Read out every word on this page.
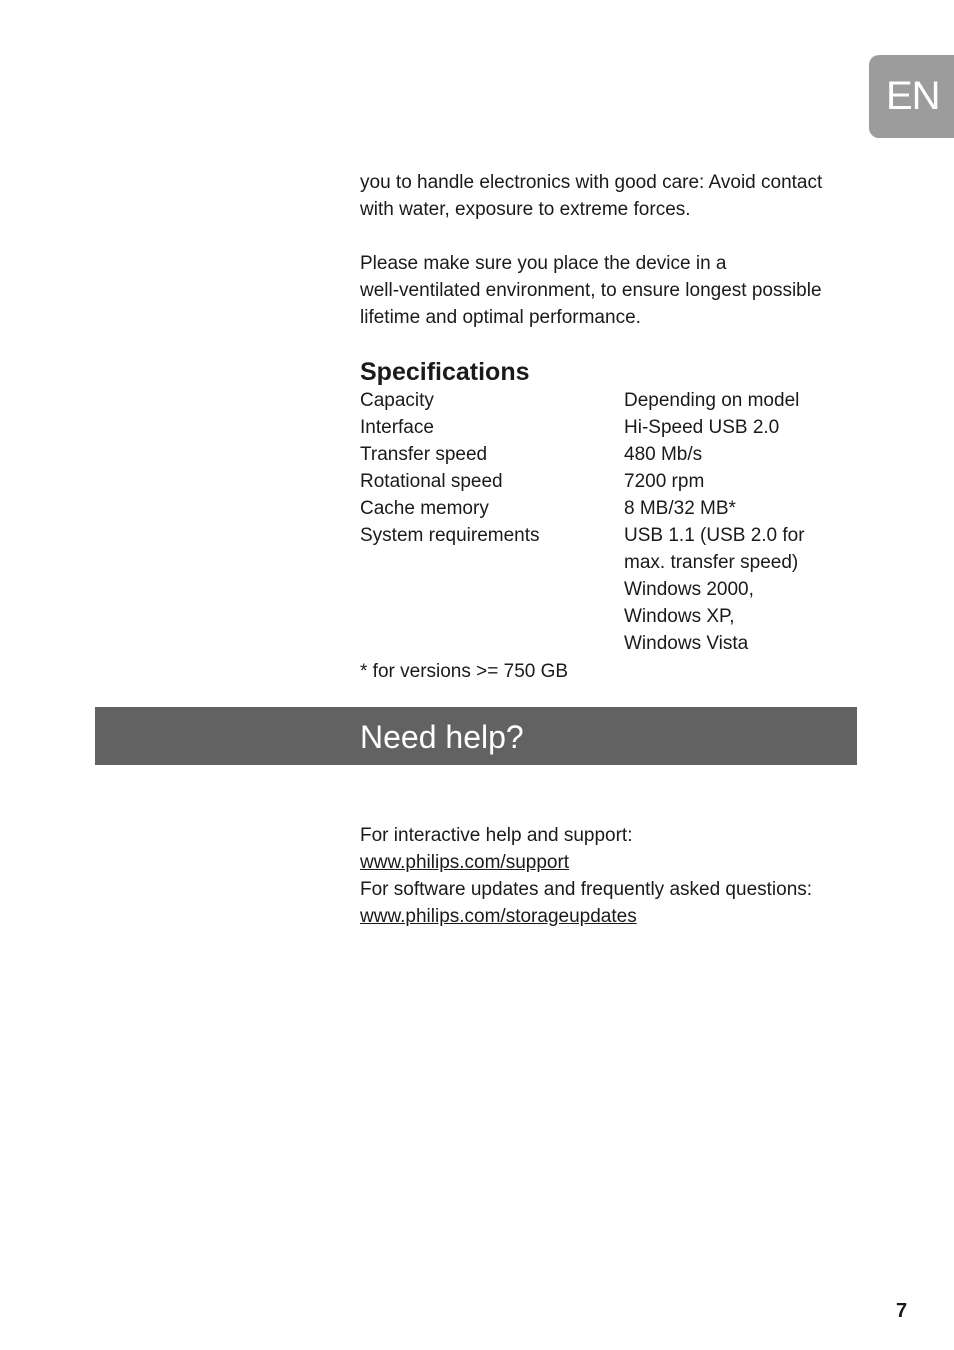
EN

you to handle electronics with good care: Avoid contact
with water, exposure to extreme forces.

Please make sure you place the device in a
well-ventilated environment, to ensure longest possible
lifetime and optimal performance.

Specifications
Capacity	Depending on model

Interface	Hi-Speed USB 2.0

Transfer speed	480 Mb/s

Rotational speed	7200 rpm

Cache memory	8 MB/32 MB*

System requirements	USB 1.1 (USB 2.0 for
max. transfer speed)
Windows 2000,
Windows XP,
Windows Vista
* for versions >= 750 GB
Need help?
For interactive help and support:
www.philips.com/support
For software updates and frequently asked questions:
www.philips.com/storageupdates
7
